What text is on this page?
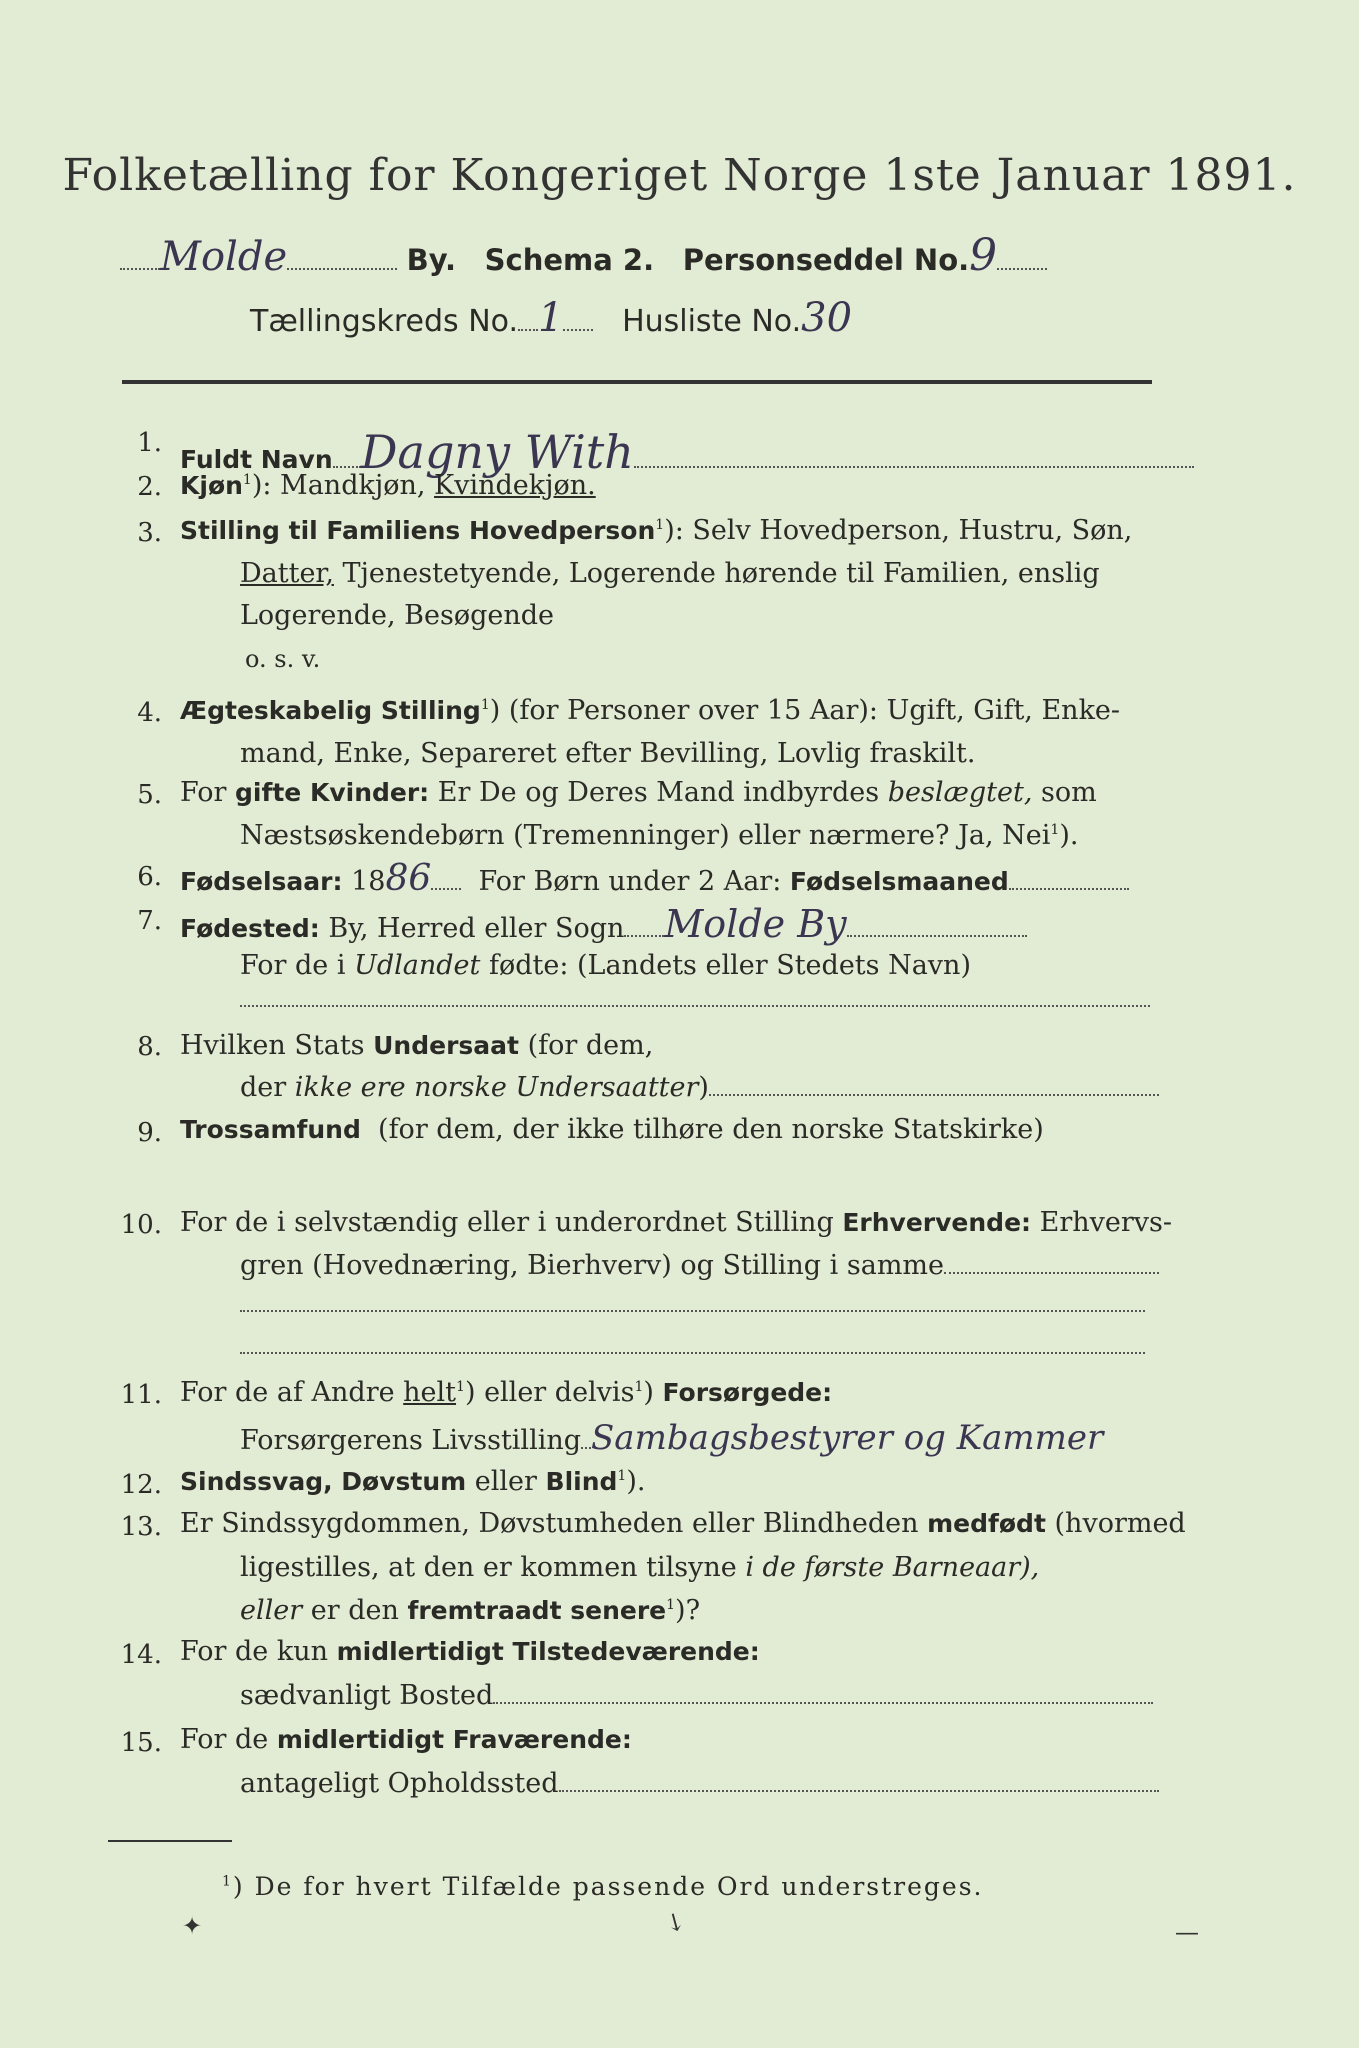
Folketælling for Kongeriget Norge 1ste Januar 1891.
Molde	By. Schema 2. Personseddel No.9
Tællingskreds No. 1 Husliste No.30
1.
Fuldt Navn Dagny With
2. Kjøn$^1$): Mandkjøn, Kvindekjøn.
3. Stilling til Familiens Hovedperson$^1$): Selv Hovedperson, Hustru, Søn,
Datter, Tjenestetyende, Logerende hørende til Familien, enslig
Logerende, Besøgende
o. s. v.
4. Ægteskabelig Stilling$^1$) (for Personer over 15 Aar): Ugift, Gift, Enke-
mand, Enke, Separeret efter Bevilling, Lovlig fraskilt.
5. For gifte Kvinder: Er De og Deres Mand indbyrdes beslægtet, som
Næstsøskendebørn (Tremenninger) eller nærmere? Ja, Nei$^1$).
6. Fødselsaar: 1886 For Børn under 2 Aar: Fødselsmaaned
7. Fødested: By, Herred eller Sogn Molde By
For de i Udlandet fødte: (Landets eller Stedets Navn)
8. Hvilken Stats Undersaat (for dem,
der ikke ere norske Undersaatter)
9. Trossamfund (for dem, der ikke tilhøre den norske Statskirke)
10. For de i selvstændig eller i underordnet Stilling Erhvervende: Erhvervs-
gren (Hovednæring, Bierhverv) og Stilling i samme
11. For de af Andre helt$^1$) eller delvis$^1$) Forsørgede:
Forsørgerens Livsstilling Sambagsbestyrer og Kammer
12. Sindssvag, Døvstum eller Blind$^1$).
13. Er Sindssygdommen, Døvstumheden eller Blindheden medfødt (hvormed
ligestilles, at den er kommen tilsyne i de første Barneaar),
eller er den fremtraadt senere$^1$)?
14. For de kun midlertidigt Tilstedeværende:
sædvanligt Bosted
15. For de midlertidigt Fraværende:
antageligt Opholdssted
$^1$) De for hvert Tilfælde passende Ord understreges.
✦	↘	—
